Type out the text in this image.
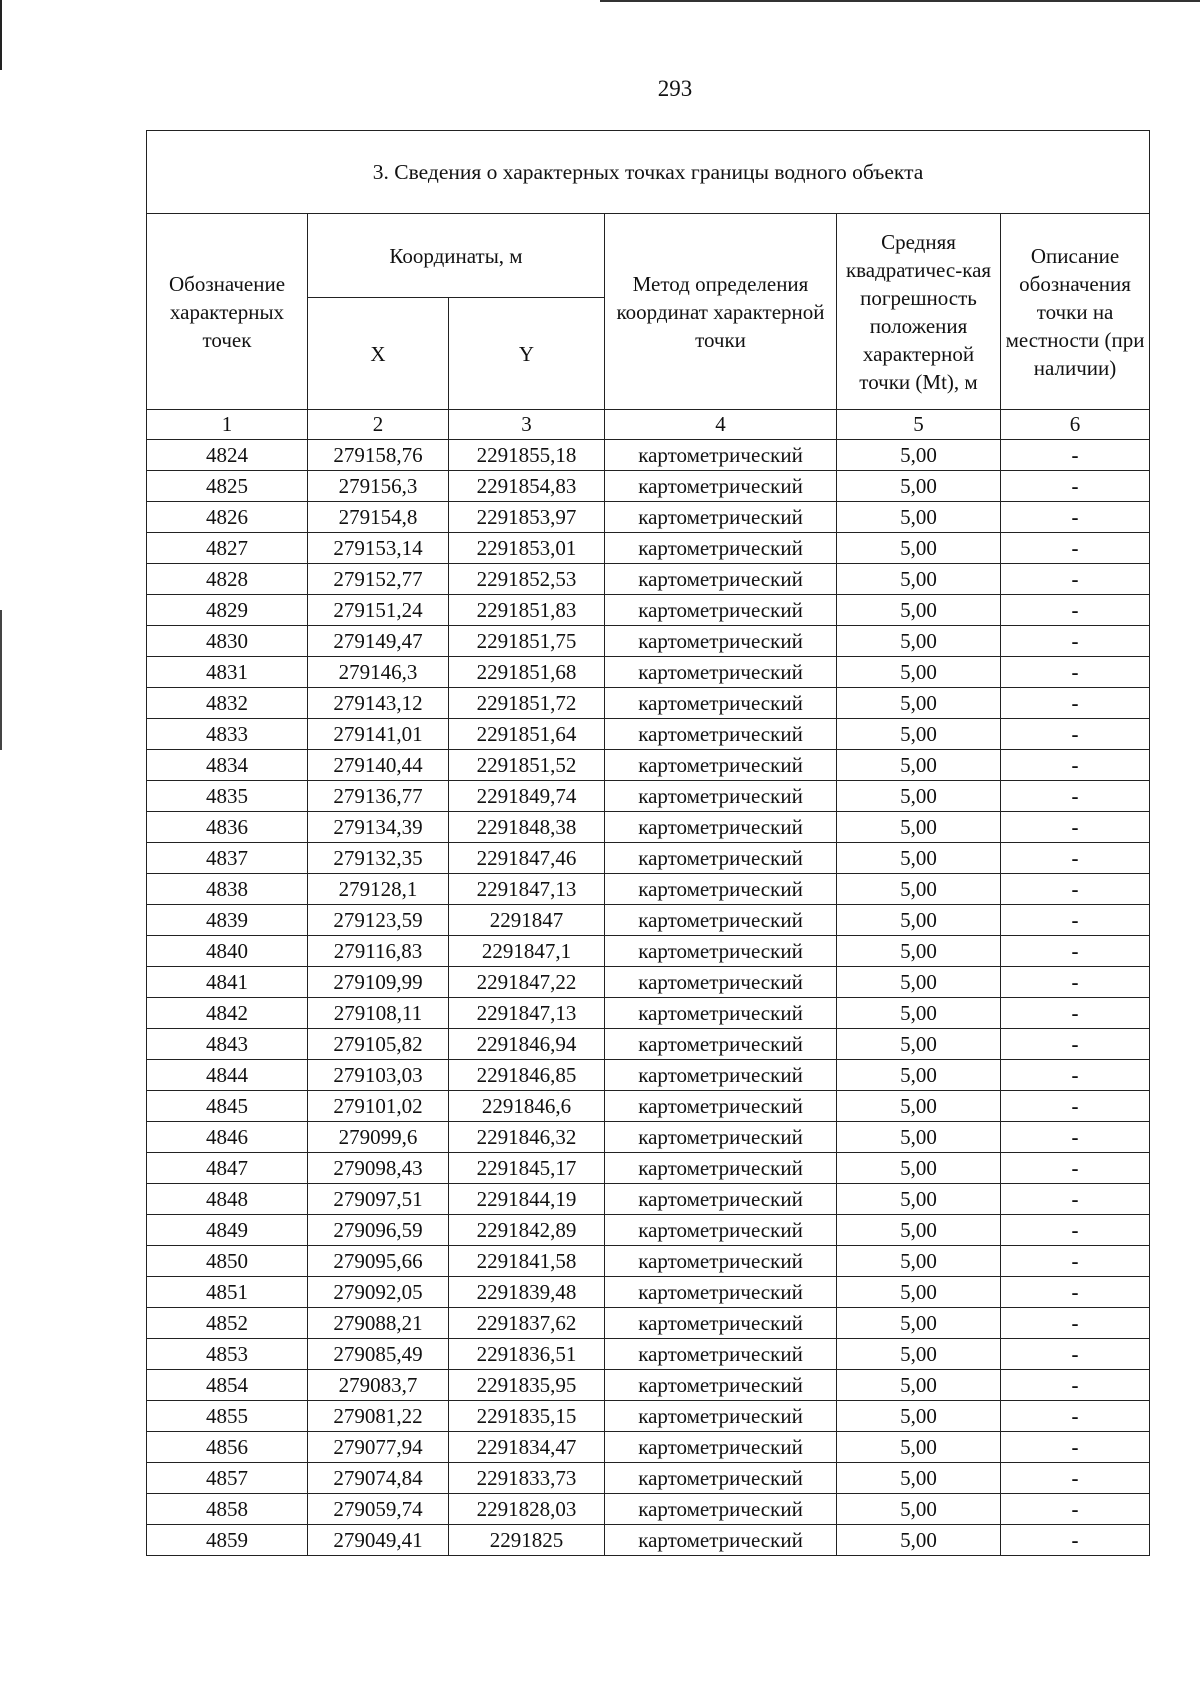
293
3. Сведения о характерных точках границы водного объекта					
Обозначение характерных точек	Координаты, м		Метод определения координат характерной точки	Средняя квадратичес-кая погрешность положения характерной точки (Mt), м	Описание обозначения точки на местности (при наличии)
	X	Y			
1	2	3	4	5	6
4824	279158,76	2291855,18	картометрический	5,00	-
4825	279156,3	2291854,83	картометрический	5,00	-
4826	279154,8	2291853,97	картометрический	5,00	-
4827	279153,14	2291853,01	картометрический	5,00	-
4828	279152,77	2291852,53	картометрический	5,00	-
4829	279151,24	2291851,83	картометрический	5,00	-
4830	279149,47	2291851,75	картометрический	5,00	-
4831	279146,3	2291851,68	картометрический	5,00	-
4832	279143,12	2291851,72	картометрический	5,00	-
4833	279141,01	2291851,64	картометрический	5,00	-
4834	279140,44	2291851,52	картометрический	5,00	-
4835	279136,77	2291849,74	картометрический	5,00	-
4836	279134,39	2291848,38	картометрический	5,00	-
4837	279132,35	2291847,46	картометрический	5,00	-
4838	279128,1	2291847,13	картометрический	5,00	-
4839	279123,59	2291847	картометрический	5,00	-
4840	279116,83	2291847,1	картометрический	5,00	-
4841	279109,99	2291847,22	картометрический	5,00	-
4842	279108,11	2291847,13	картометрический	5,00	-
4843	279105,82	2291846,94	картометрический	5,00	-
4844	279103,03	2291846,85	картометрический	5,00	-
4845	279101,02	2291846,6	картометрический	5,00	-
4846	279099,6	2291846,32	картометрический	5,00	-
4847	279098,43	2291845,17	картометрический	5,00	-
4848	279097,51	2291844,19	картометрический	5,00	-
4849	279096,59	2291842,89	картометрический	5,00	-
4850	279095,66	2291841,58	картометрический	5,00	-
4851	279092,05	2291839,48	картометрический	5,00	-
4852	279088,21	2291837,62	картометрический	5,00	-
4853	279085,49	2291836,51	картометрический	5,00	-
4854	279083,7	2291835,95	картометрический	5,00	-
4855	279081,22	2291835,15	картометрический	5,00	-
4856	279077,94	2291834,47	картометрический	5,00	-
4857	279074,84	2291833,73	картометрический	5,00	-
4858	279059,74	2291828,03	картометрический	5,00	-
4859	279049,41	2291825	картометрический	5,00	-
